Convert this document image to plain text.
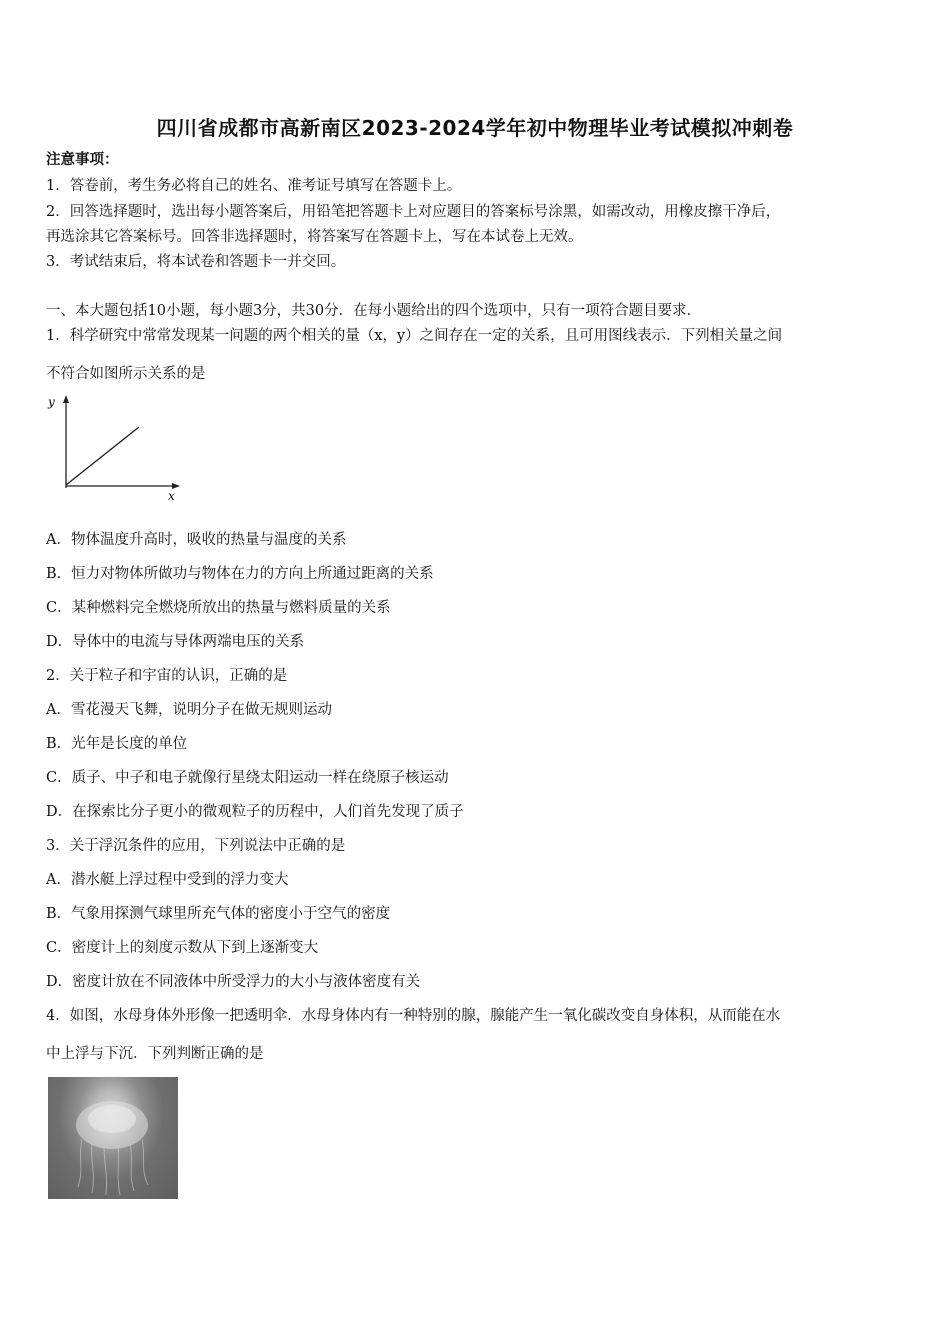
四川省成都市高新南区2023-2024学年初中物理毕业考试模拟冲刺卷
注意事项：
1．答卷前，考生务必将自己的姓名、准考证号填写在答题卡上。
2．回答选择题时，选出每小题答案后，用铅笔把答题卡上对应题目的答案标号涂黑，如需改动，用橡皮擦干净后，
再选涂其它答案标号。回答非选择题时，将答案写在答题卡上，写在本试卷上无效。
3．考试结束后，将本试卷和答题卡一并交回。
一、本大题包括10小题，每小题3分，共30分．在每小题给出的四个选项中，只有一项符合题目要求．
1．科学研究中常常发现某一问题的两个相关的量（x，y）之间存在一定的关系，且可用图线表示．下列相关量之间
不符合如图所示关系的是
y
x
A．物体温度升高时，吸收的热量与温度的关系
B．恒力对物体所做功与物体在力的方向上所通过距离的关系
C．某种燃料完全燃烧所放出的热量与燃料质量的关系
D．导体中的电流与导体两端电压的关系
2．关于粒子和宇宙的认识，正确的是
A．雪花漫天飞舞，说明分子在做无规则运动
B．光年是长度的单位
C．质子、中子和电子就像行星绕太阳运动一样在绕原子核运动
D．在探索比分子更小的微观粒子的历程中，人们首先发现了质子
3．关于浮沉条件的应用，下列说法中正确的是
A．潜水艇上浮过程中受到的浮力变大
B．气象用探测气球里所充气体的密度小于空气的密度
C．密度计上的刻度示数从下到上逐渐变大
D．密度计放在不同液体中所受浮力的大小与液体密度有关
4．如图，水母身体外形像一把透明伞．水母身体内有一种特别的腺，腺能产生一氧化碳改变自身体积，从而能在水
中上浮与下沉．下列判断正确的是
